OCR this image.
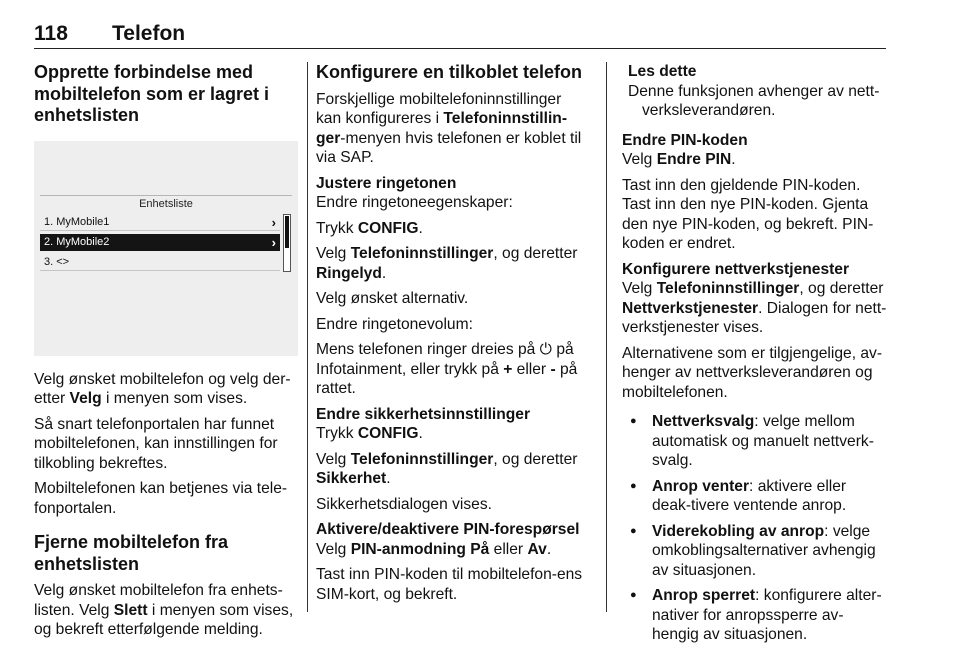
118 Telefon
Opprette forbindelse med mobiltelefon som er lagret i enhetslisten
Enhetsliste
1. MyMobile1	›
2. MyMobile2	›
3. <>

Velg ønsket mobiltelefon og velg der-etter Velg i menyen som vises.

Så snart telefonportalen har funnet mobiltelefonen, kan innstillingen for tilkobling bekreftes.

Mobiltelefonen kan betjenes via tele-fonportalen.

Fjerne mobiltelefon fra enhetslisten

Velg ønsket mobiltelefon fra enhets-listen. Velg Slett i menyen som vises, og bekreft etterfølgende melding.

Konfigurere en tilkoblet telefon

Forskjellige mobiltelefoninnstillinger kan konfigureres i Telefoninnstillin-ger-menyen hvis telefonen er koblet til via SAP.

Justere ringetonen

Endre ringetoneegenskaper:

Trykk CONFIG.

Velg Telefoninnstillinger, og deretter
Ringelyd.

Velg ønsket alternativ.

Endre ringetonevolum:

Mens telefonen ringer dreies på ⏻ på Infotainment, eller trykk på + eller - på rattet.

Endre sikkerhetsinnstillinger

Trykk CONFIG.

Velg Telefoninnstillinger, og deretter
Sikkerhet.

Sikkerhetsdialogen vises.

Aktivere/deaktivere PIN-forespørsel

Velg PIN-anmodning På eller Av.

Tast inn PIN-koden til mobiltelefon-ens SIM-kort, og bekreft.

Les dette
Denne funksjonen avhenger av nett-
verksleverandøren.

Endre PIN-koden

Velg Endre PIN.

Tast inn den gjeldende PIN-koden. Tast inn den nye PIN-koden. Gjenta den nye PIN-koden, og bekreft. PIN-koden er endret.

Konfigurere nettverkstjenester

Velg Telefoninnstillinger, og deretter
Nettverkstjenester. Dialogen for nett-verkstjenester vises.

Alternativene som er tilgjengelige, av-henger av nettverksleverandøren og mobiltelefonen.

● Nettverksvalg: velge mellom automatisk og manuelt nettverk-svalg.
● Anrop venter: aktivere eller deak-tivere ventende anrop.
● Viderekobling av anrop: velge omkoblingsalternativer avhengig av situasjonen.
● Anrop sperret: konfigurere alter-nativer for anropssperre av-hengig av situasjonen.
